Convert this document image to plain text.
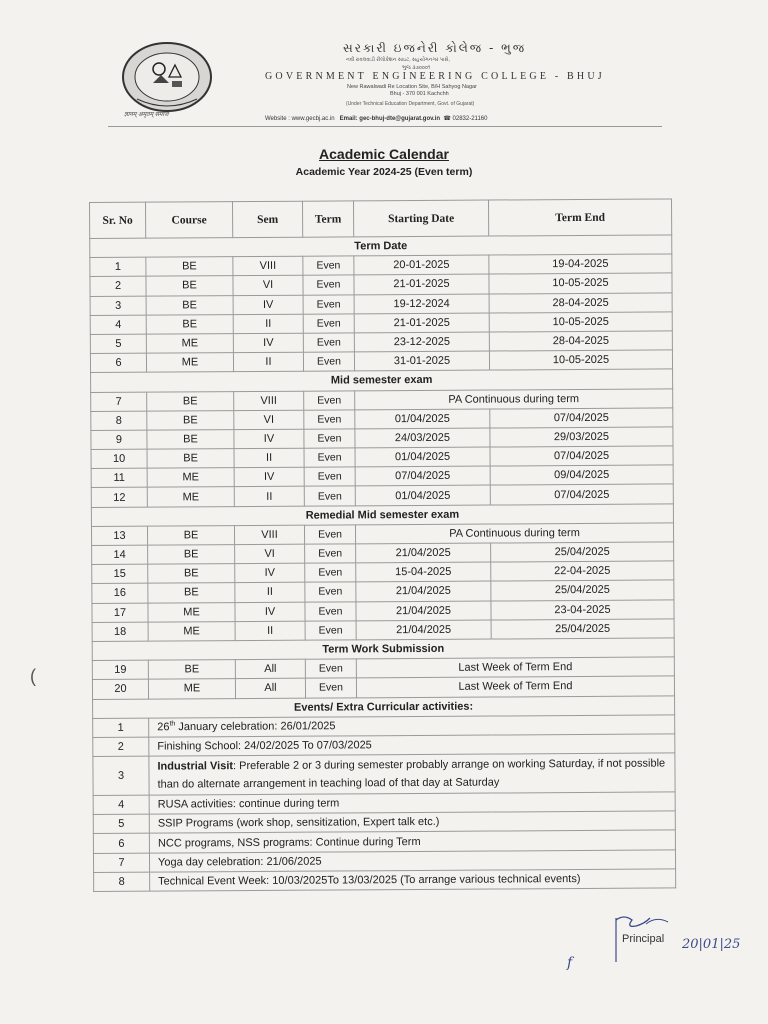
ज्ञानम् अमृतम् समाज
સરકારી ઇજનેરી કોલેજ - ભુજ
નવી રાવલવાડી રીલોકેશન સાઇટ, સહયોગનગર પાસે,
ભુજ ૩૭૦૦૦૧
GOVERNMENT ENGINEERING COLLEGE - BHUJ
New Rawalwadi Re Location Site, B/H Sahyog Nagar
Bhuj - 370 001 Kachchh
(Under Technical Education Department, Govt. of Gujarat)
Website : www.gecbj.ac.in Email: gec-bhuj-dte@gujarat.gov.in ☎ 02832-21160
Academic Calendar
Academic Year 2024-25 (Even term)
Sr. No	Course	Sem	Term	Starting Date	Term End
Term Date					
1	BE	VIII	Even	20-01-2025	19-04-2025
2	BE	VI	Even	21-01-2025	10-05-2025
3	BE	IV	Even	19-12-2024	28-04-2025
4	BE	II	Even	21-01-2025	10-05-2025
5	ME	IV	Even	23-12-2025	28-04-2025
6	ME	II	Even	31-01-2025	10-05-2025
Mid semester exam					
7	BE	VIII	Even	PA Continuous during term	
8	BE	VI	Even	01/04/2025	07/04/2025
9	BE	IV	Even	24/03/2025	29/03/2025
10	BE	II	Even	01/04/2025	07/04/2025
11	ME	IV	Even	07/04/2025	09/04/2025
12	ME	II	Even	01/04/2025	07/04/2025
Remedial Mid semester exam					
13	BE	VIII	Even	PA Continuous during term	
14	BE	VI	Even	21/04/2025	25/04/2025
15	BE	IV	Even	15-04-2025	22-04-2025
16	BE	II	Even	21/04/2025	25/04/2025
17	ME	IV	Even	21/04/2025	23-04-2025
18	ME	II	Even	21/04/2025	25/04/2025
Term Work Submission					
19	BE	All	Even	Last Week of Term End	
20	ME	All	Even	Last Week of Term End	
Events/ Extra Curricular activities:					
1	26th January celebration: 26/01/2025				
2	Finishing School: 24/02/2025 To 07/03/2025				
3	Industrial Visit: Preferable 2 or 3 during semester probably arrange on working Saturday, if not possible than do alternate arrangement in teaching load of that day at Saturday				
4	RUSA activities: continue during term				
5	SSIP Programs (work shop, sensitization, Expert talk etc.)				
6	NCC programs, NSS programs: Continue during Term				
7	Yoga day celebration: 21/06/2025				
8	Technical Event Week: 10/03/2025To 13/03/2025 (To arrange various technical events)				
(
Principal 20|01|25
f
